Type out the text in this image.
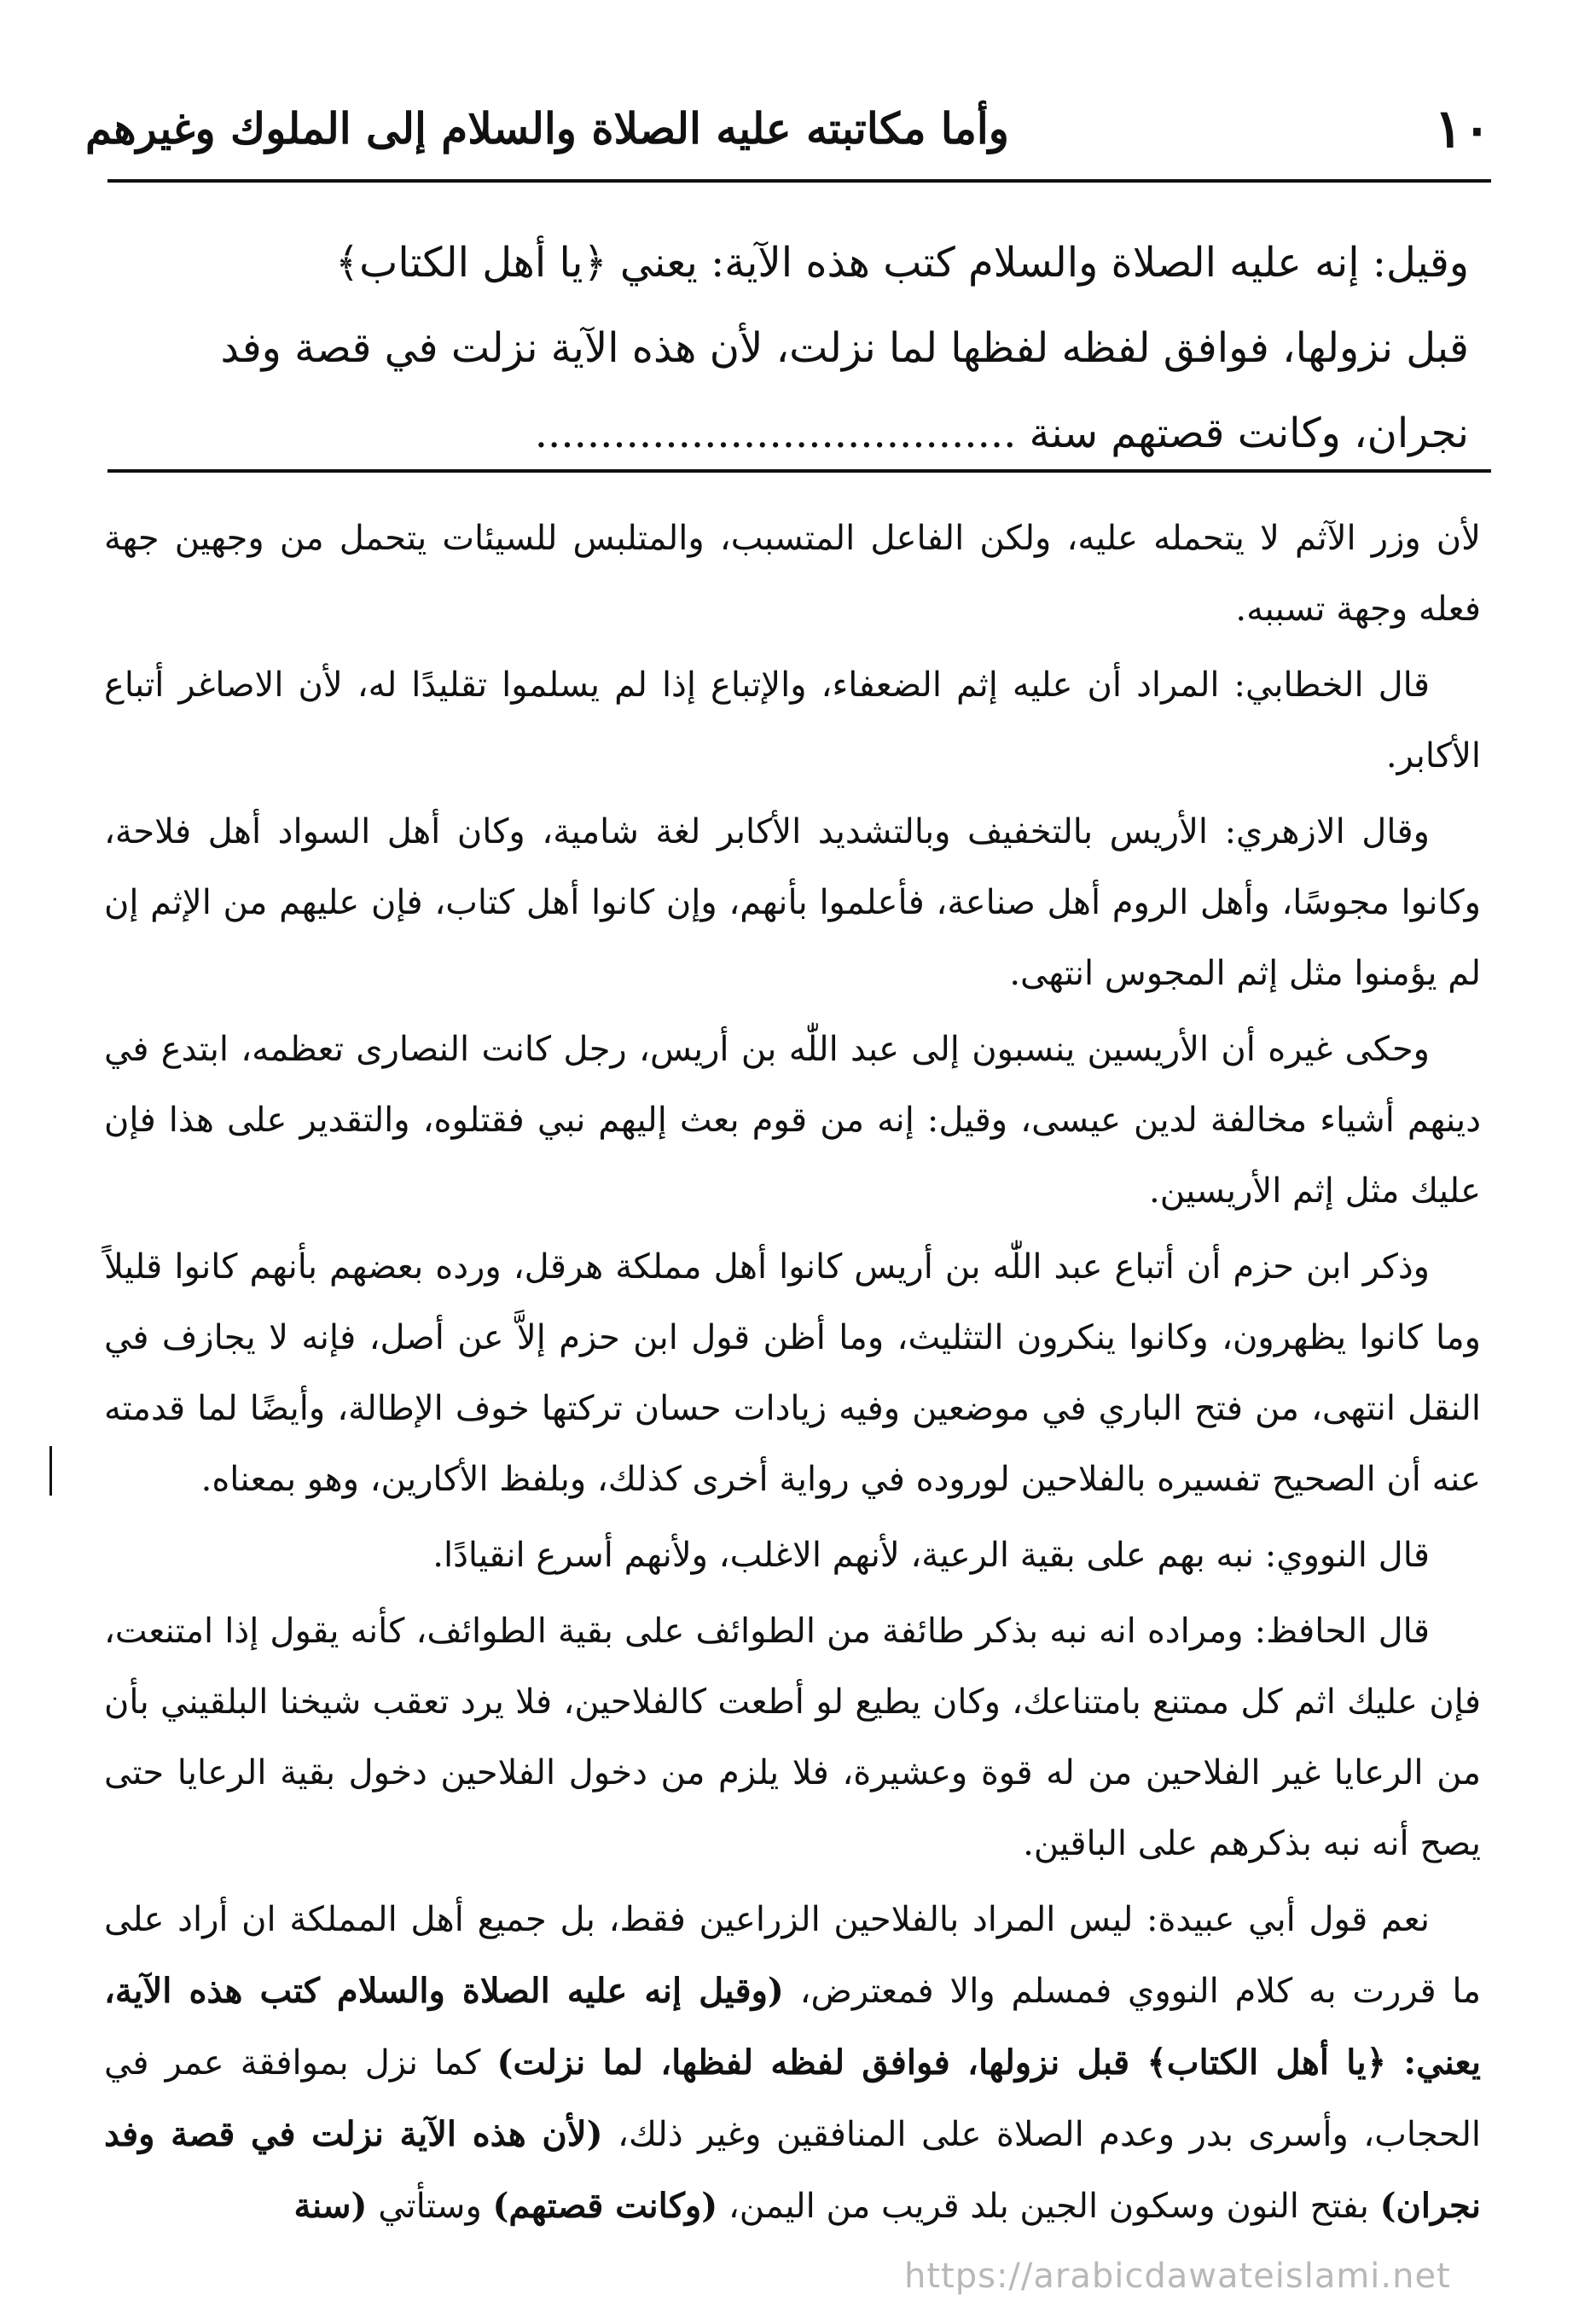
١٠
وأما مكاتبته عليه الصلاة والسلام إلى الملوك وغيرهم

وقيل: إنه عليه الصلاة والسلام كتب هذه الآية: يعني ﴿يا أهل الكتاب﴾

قبل نزولها، فوافق لفظه لفظها لما نزلت، لأن هذه الآية نزلت في قصة وفد

نجران، وكانت قصتهم سنة .....................................

لأن وزر الآثم لا يتحمله عليه، ولكن الفاعل المتسبب، والمتلبس للسيئات يتحمل من وجهين جهة فعله وجهة تسببه.

قال الخطابي: المراد أن عليه إثم الضعفاء، والإتباع إذا لم يسلموا تقليدًا له، لأن الاصاغر أتباع الأكابر.

وقال الازهري: الأريس بالتخفيف وبالتشديد الأكابر لغة شامية، وكان أهل السواد أهل فلاحة، وكانوا مجوسًا، وأهل الروم أهل صناعة، فأعلموا بأنهم، وإن كانوا أهل كتاب، فإن عليهم من الإثم إن لم يؤمنوا مثل إثم المجوس انتهى.

وحكى غيره أن الأريسين ينسبون إلى عبد اللّٰه بن أريس، رجل كانت النصارى تعظمه، ابتدع في دينهم أشياء مخالفة لدين عيسى، وقيل: إنه من قوم بعث إليهم نبي فقتلوه، والتقدير على هذا فإن عليك مثل إثم الأريسين.

وذكر ابن حزم أن أتباع عبد اللّٰه بن أريس كانوا أهل مملكة هرقل، ورده بعضهم بأنهم كانوا قليلاً وما كانوا يظهرون، وكانوا ينكرون التثليث، وما أظن قول ابن حزم إلاَّ عن أصل، فإنه لا يجازف في النقل انتهى، من فتح الباري في موضعين وفيه زيادات حسان تركتها خوف الإطالة، وأيضًا لما قدمته عنه أن الصحيح تفسيره بالفلاحين لوروده في رواية أخرى كذلك، وبلفظ الأكارين، وهو بمعناه.

قال النووي: نبه بهم على بقية الرعية، لأنهم الاغلب، ولأنهم أسرع انقيادًا.

قال الحافظ: ومراده انه نبه بذكر طائفة من الطوائف على بقية الطوائف، كأنه يقول إذا امتنعت، فإن عليك اثم كل ممتنع بامتناعك، وكان يطيع لو أطعت كالفلاحين، فلا يرد تعقب شيخنا البلقيني بأن من الرعايا غير الفلاحين من له قوة وعشيرة، فلا يلزم من دخول الفلاحين دخول بقية الرعايا حتى يصح أنه نبه بذكرهم على الباقين.

نعم قول أبي عبيدة: ليس المراد بالفلاحين الزراعين فقط، بل جميع أهل المملكة ان أراد على ما قررت به كلام النووي فمسلم والا فمعترض، (وقيل إنه عليه الصلاة والسلام كتب هذه الآية، يعني: ﴿يا أهل الكتاب﴾ قبل نزولها، فوافق لفظه لفظها، لما نزلت) كما نزل بموافقة عمر في الحجاب، وأسرى بدر وعدم الصلاة على المنافقين وغير ذلك، (لأن هذه الآية نزلت في قصة وفد نجران) بفتح النون وسكون الجين بلد قريب من اليمن، (وكانت قصتهم) وستأتي (سنة

https://arabicdawateislami.net
